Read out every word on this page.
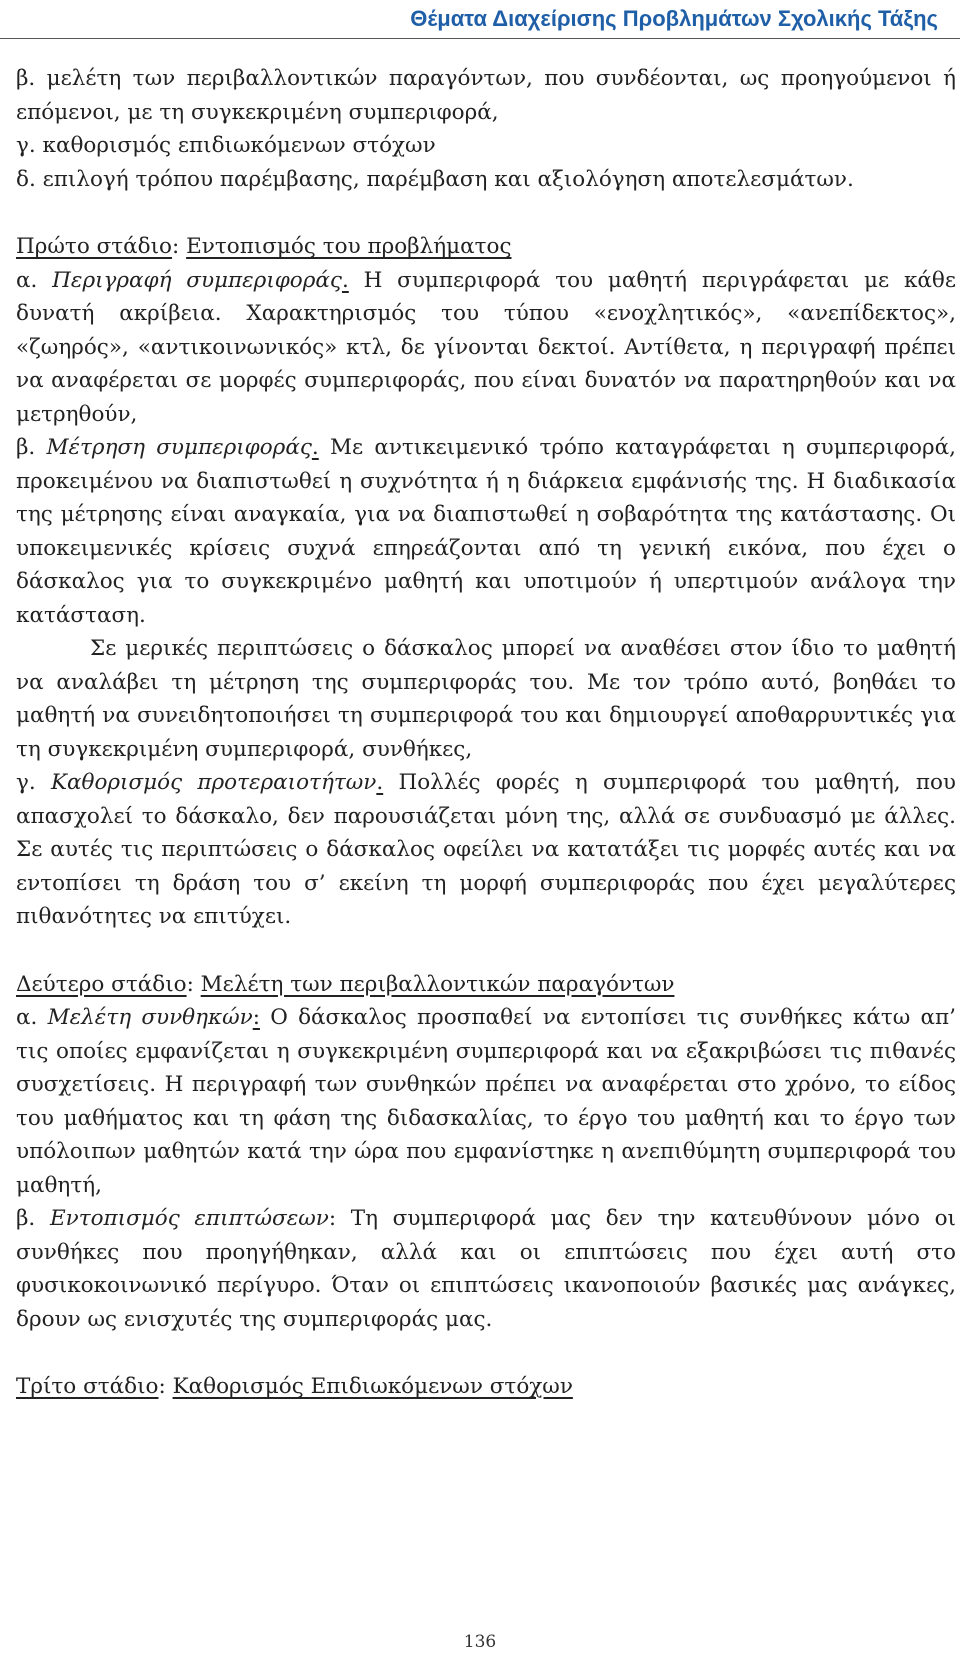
Θέματα Διαχείρισης Προβλημάτων Σχολικής Τάξης

β. μελέτη των περιβαλλοντικών παραγόντων, που συνδέονται, ως προηγούμενοι ή επόμενοι, με τη συγκεκριμένη συμπεριφορά,

γ. καθορισμός επιδιωκόμενων στόχων

δ. επιλογή τρόπου παρέμβασης, παρέμβαση και αξιολόγηση αποτελεσμάτων.

Πρώτο στάδιο: Εντοπισμός του προβλήματος

α. Περιγραφή συμπεριφοράς. Η συμπεριφορά του μαθητή περιγράφεται με κάθε δυνατή ακρίβεια. Χαρακτηρισμός του τύπου «ενοχλητικός», «ανεπίδεκτος», «ζωηρός», «αντικοινωνικός» κτλ, δε γίνονται δεκτοί. Αντίθετα, η περιγραφή πρέπει να αναφέρεται σε μορφές συμπεριφοράς, που είναι δυνατόν να παρατηρηθούν και να μετρηθούν,

β. Μέτρηση συμπεριφοράς. Με αντικειμενικό τρόπο καταγράφεται η συμπεριφορά, προκειμένου να διαπιστωθεί η συχνότητα ή η διάρκεια εμφάνισής της. Η διαδικασία της μέτρησης είναι αναγκαία, για να διαπιστωθεί η σοβαρότητα της κατάστασης. Οι υποκειμενικές κρίσεις συχνά επηρεάζονται από τη γενική εικόνα, που έχει ο δάσκαλος για το συγκεκριμένο μαθητή και υποτιμούν ή υπερτιμούν ανάλογα την κατάσταση.

Σε μερικές περιπτώσεις ο δάσκαλος μπορεί να αναθέσει στον ίδιο το μαθητή να αναλάβει τη μέτρηση της συμπεριφοράς του. Με τον τρόπο αυτό, βοηθάει το μαθητή να συνειδητοποιήσει τη συμπεριφορά του και δημιουργεί αποθαρρυντικές για τη συγκεκριμένη συμπεριφορά, συνθήκες,

γ. Καθορισμός προτεραιοτήτων. Πολλές φορές η συμπεριφορά του μαθητή, που απασχολεί το δάσκαλο, δεν παρουσιάζεται μόνη της, αλλά σε συνδυασμό με άλλες. Σε αυτές τις περιπτώσεις ο δάσκαλος οφείλει να κατατάξει τις μορφές αυτές και να εντοπίσει τη δράση του σ’ εκείνη τη μορφή συμπεριφοράς που έχει μεγαλύτερες πιθανότητες να επιτύχει.

Δεύτερο στάδιο: Μελέτη των περιβαλλοντικών παραγόντων

α. Μελέτη συνθηκών: Ο δάσκαλος προσπαθεί να εντοπίσει τις συνθήκες κάτω απ’ τις οποίες εμφανίζεται η συγκεκριμένη συμπεριφορά και να εξακριβώσει τις πιθανές συσχετίσεις. Η περιγραφή των συνθηκών πρέπει να αναφέρεται στο χρόνο, το είδος του μαθήματος και τη φάση της διδασκαλίας, το έργο του μαθητή και το έργο των υπόλοιπων μαθητών κατά την ώρα που εμφανίστηκε η ανεπιθύμητη συμπεριφορά του μαθητή,

β. Εντοπισμός επιπτώσεων: Τη συμπεριφορά μας δεν την κατευθύνουν μόνο οι συνθήκες που προηγήθηκαν, αλλά και οι επιπτώσεις που έχει αυτή στο φυσικοκοινωνικό περίγυρο. Όταν οι επιπτώσεις ικανοποιούν βασικές μας ανάγκες, δρουν ως ενισχυτές της συμπεριφοράς μας.

Τρίτο στάδιο: Καθορισμός Επιδιωκόμενων στόχων

136
